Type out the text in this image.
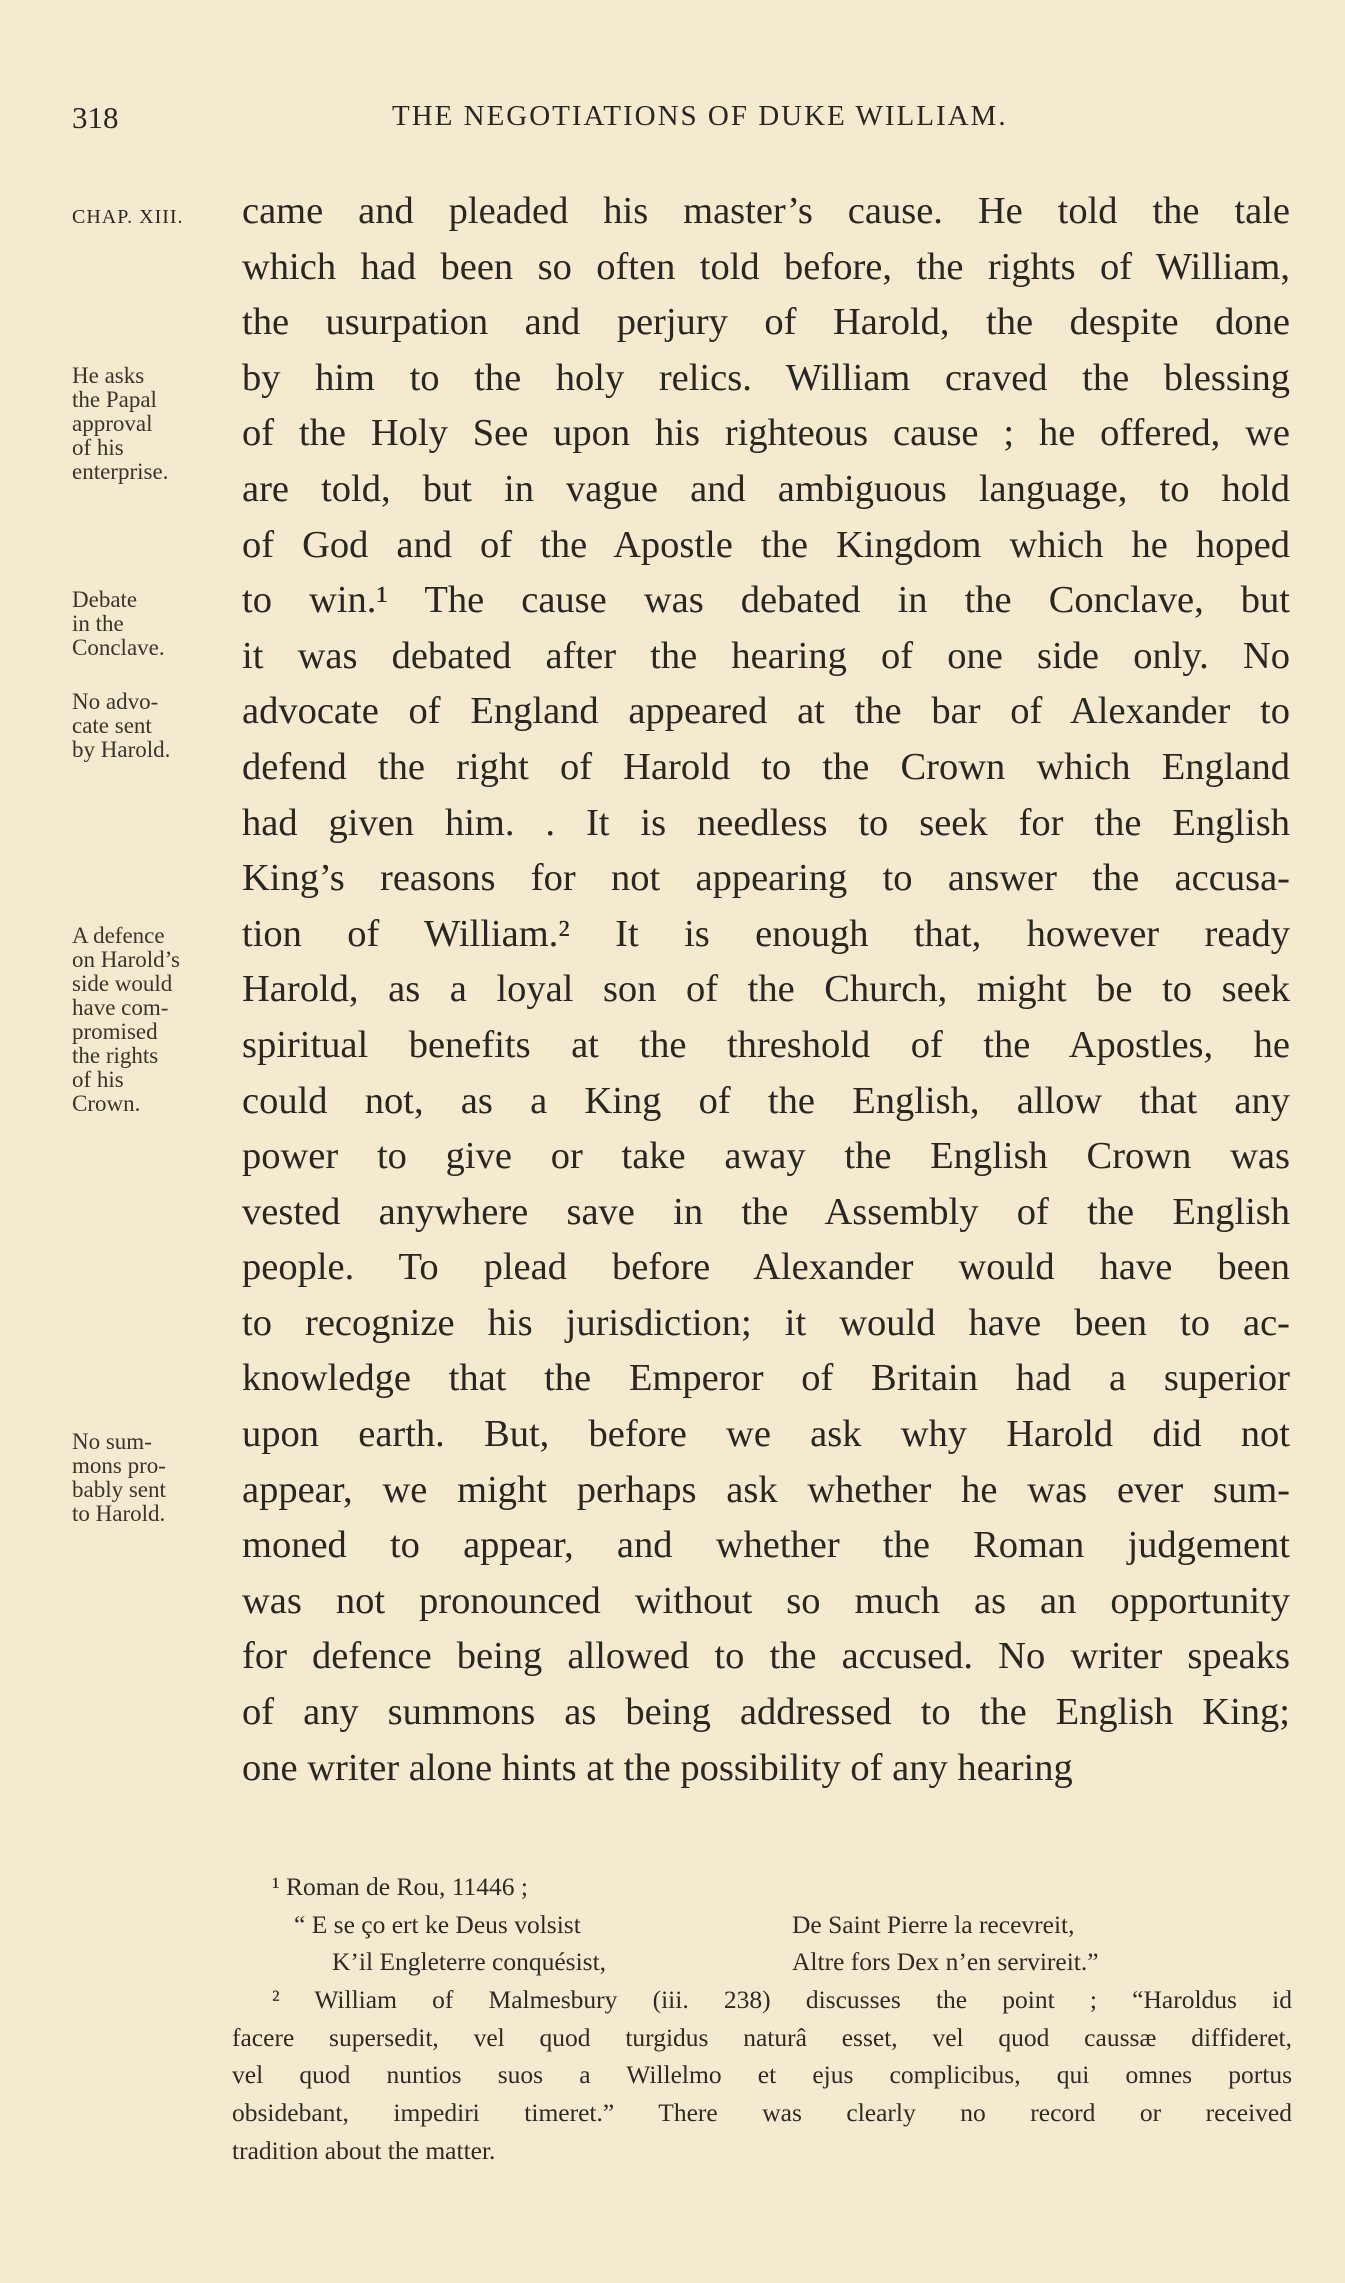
318	THE NEGOTIATIONS OF DUKE WILLIAM.
CHAP. XIII. came and pleaded his master’s cause. He told the tale
which had been so often told before, the rights of William,
the usurpation and perjury of Harold, the despite done
by him to the holy relics. William craved the blessing
of the Holy See upon his righteous cause ; he offered, we
are told, but in vague and ambiguous language, to hold
of God and of the Apostle the Kingdom which he hoped
to win.¹ The cause was debated in the Conclave, but
it was debated after the hearing of one side only. No
advocate of England appeared at the bar of Alexander to
defend the right of Harold to the Crown which England
had given him. . It is needless to seek for the English
King’s reasons for not appearing to answer the accusa-
tion of William.² It is enough that, however ready
Harold, as a loyal son of the Church, might be to seek
spiritual benefits at the threshold of the Apostles, he
could not, as a King of the English, allow that any
power to give or take away the English Crown was
vested anywhere save in the Assembly of the English
people. To plead before Alexander would have been
to recognize his jurisdiction; it would have been to ac-
knowledge that the Emperor of Britain had a superior
upon earth. But, before we ask why Harold did not
appear, we might perhaps ask whether he was ever sum-
moned to appear, and whether the Roman judgement
was not pronounced without so much as an opportunity
for defence being allowed to the accused. No writer speaks
of any summons as being addressed to the English King;
one writer alone hints at the possibility of any hearing
He asks
the Papal
approval
of his
enterprise.
Debate
in the
Conclave.
No advo-
cate sent
by Harold.
A defence
on Harold’s
side would
have com-
promised
the rights
of his
Crown.
No sum-
mons pro-
bably sent
to Harold.
¹ Roman de Rou, 11446 ;
“ E se ço ert ke Deus volsist	De Saint Pierre la recevreit,
K’il Engleterre conquésist,	Altre fors Dex n’en servireit.”
² William of Malmesbury (iii. 238) discusses the point ; “Haroldus id
facere supersedit, vel quod turgidus naturâ esset, vel quod caussæ diffideret,
vel quod nuntios suos a Willelmo et ejus complicibus, qui omnes portus
obsidebant, impediri timeret.” There was clearly no record or received
tradition about the matter.
